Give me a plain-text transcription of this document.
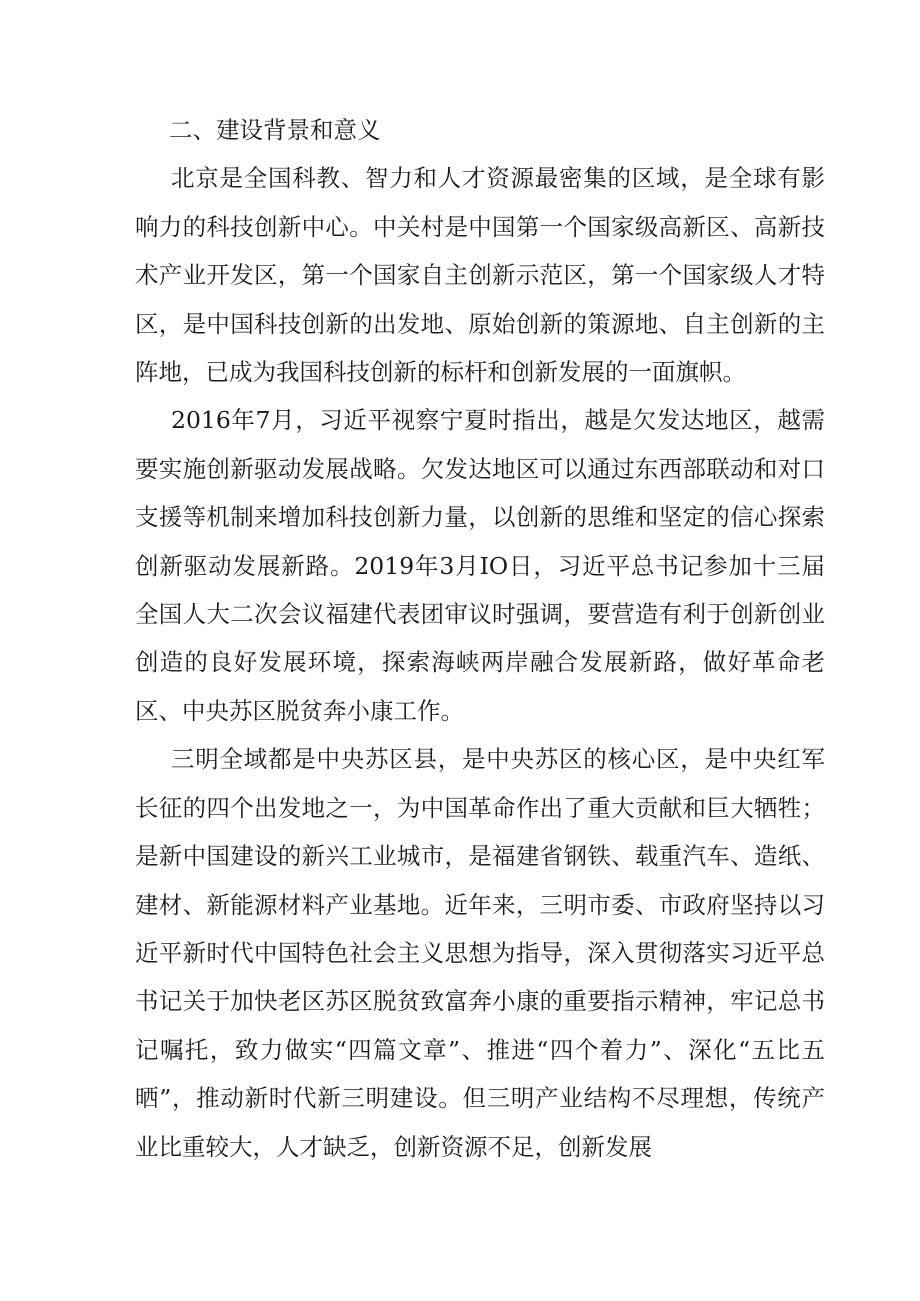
二、建设背景和意义

北京是全国科教、智力和人才资源最密集的区域，是全球有影响力的科技创新中心。中关村是中国第一个国家级高新区、高新技术产业开发区，第一个国家自主创新示范区，第一个国家级人才特区，是中国科技创新的出发地、原始创新的策源地、自主创新的主阵地，已成为我国科技创新的标杆和创新发展的一面旗帜。

2016年7月，习近平视察宁夏时指出，越是欠发达地区，越需要实施创新驱动发展战略。欠发达地区可以通过东西部联动和对口支援等机制来增加科技创新力量，以创新的思维和坚定的信心探索创新驱动发展新路。2019年3月IO日，习近平总书记参加十三届全国人大二次会议福建代表团审议时强调，要营造有利于创新创业创造的良好发展环境，探索海峡两岸融合发展新路，做好革命老区、中央苏区脱贫奔小康工作。

三明全域都是中央苏区县，是中央苏区的核心区，是中央红军长征的四个出发地之一，为中国革命作出了重大贡献和巨大牺牲；是新中国建设的新兴工业城市，是福建省钢铁、载重汽车、造纸、建材、新能源材料产业基地。近年来，三明市委、市政府坚持以习近平新时代中国特色社会主义思想为指导，深入贯彻落实习近平总书记关于加快老区苏区脱贫致富奔小康的重要指示精神，牢记总书记嘱托，致力做实“四篇文章”、推进“四个着力”、深化“五比五晒”，推动新时代新三明建设。但三明产业结构不尽理想，传统产业比重较大，人才缺乏，创新资源不足，创新发展
